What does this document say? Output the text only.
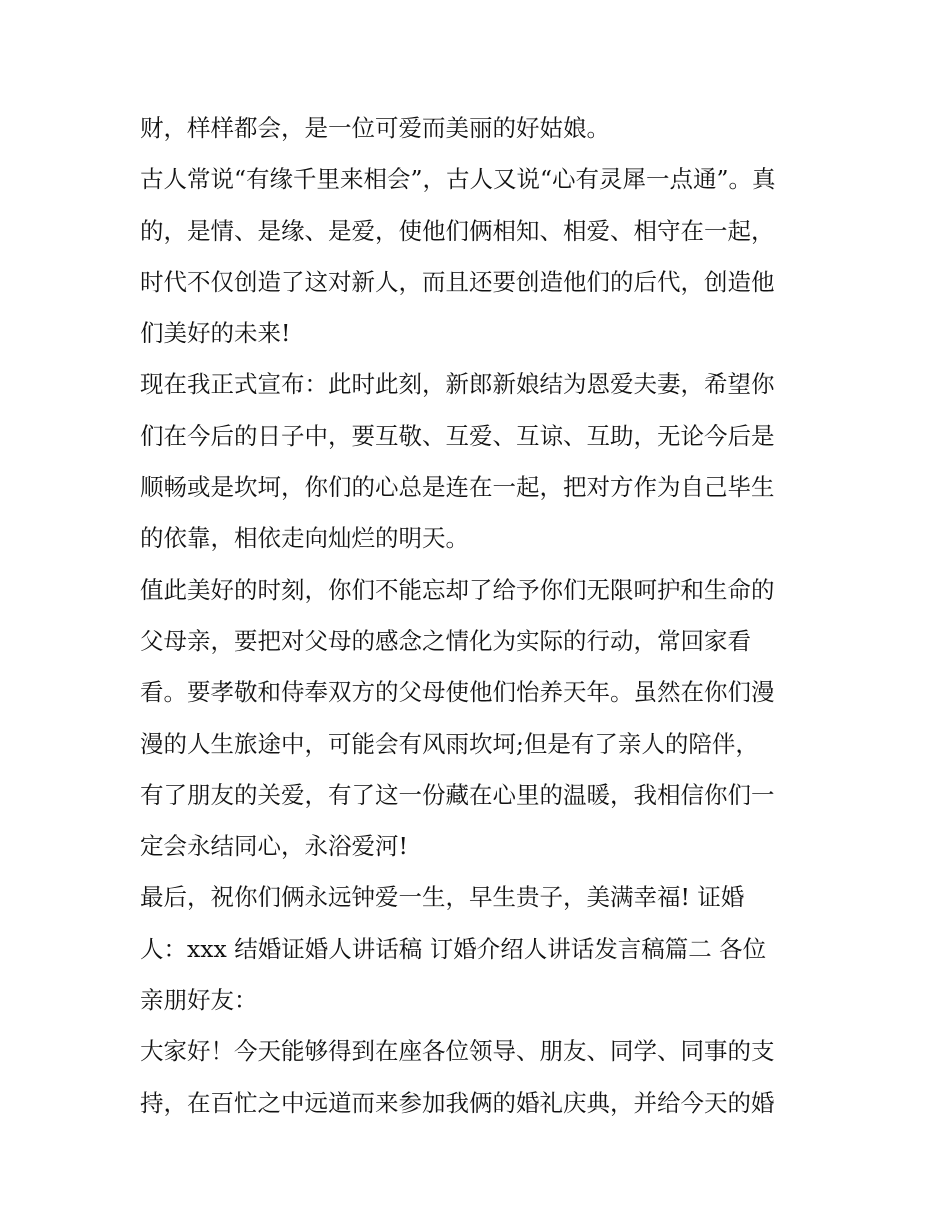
财，样样都会，是一位可爱而美丽的好姑娘。
古人常说“有缘千里来相会”，古人又说“心有灵犀一点通”。真
的，是情、是缘、是爱，使他们俩相知、相爱、相守在一起，
时代不仅创造了这对新人，而且还要创造他们的后代，创造他
们美好的未来!
现在我正式宣布：此时此刻，新郎新娘结为恩爱夫妻，希望你
们在今后的日子中，要互敬、互爱、互谅、互助，无论今后是
顺畅或是坎坷，你们的心总是连在一起，把对方作为自己毕生
的依靠，相依走向灿烂的明天。
值此美好的时刻，你们不能忘却了给予你们无限呵护和生命的
父母亲，要把对父母的感念之情化为实际的行动，常回家看
看。要孝敬和侍奉双方的父母使他们怡养天年。虽然在你们漫
漫的人生旅途中，可能会有风雨坎坷;但是有了亲人的陪伴，
有了朋友的关爱，有了这一份藏在心里的温暖，我相信你们一
定会永结同心，永浴爱河!
最后，祝你们俩永远钟爱一生，早生贵子，美满幸福! 证婚
人：xxx 结婚证婚人讲话稿 订婚介绍人讲话发言稿篇二 各位
亲朋好友：
大家好！今天能够得到在座各位领导、朋友、同学、同事的支
持，在百忙之中远道而来参加我俩的婚礼庆典，并给今天的婚
